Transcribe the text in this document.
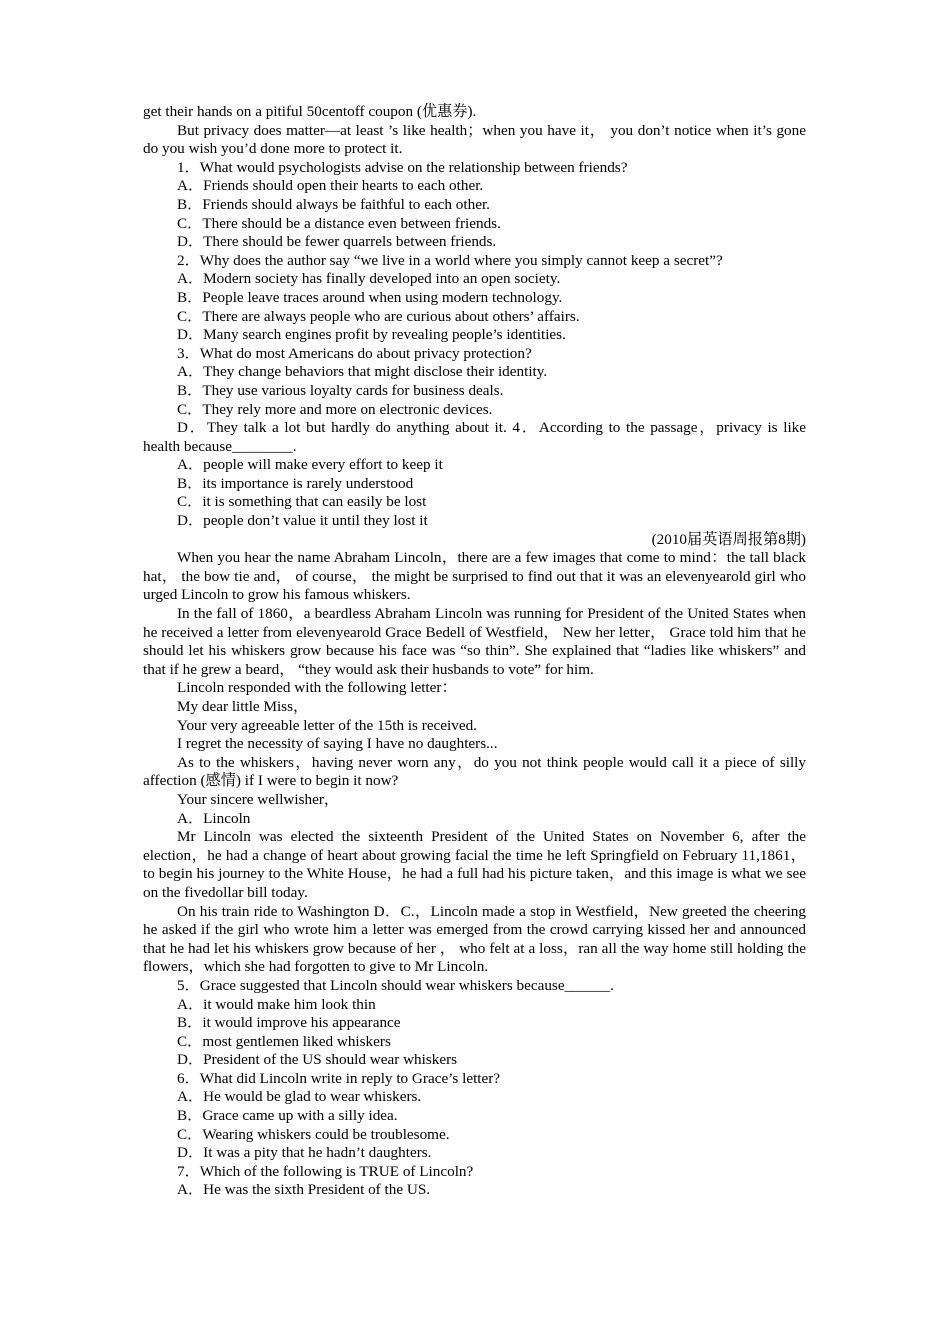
get their hands on a pitiful 50centoff coupon (优惠券).

But privacy does matter—at least ’s like health；when you have it， you don’t notice when it’s gone do you wish you’d done more to protect it.

1．What would psychologists advise on the relationship between friends?

A．Friends should open their hearts to each other.

B．Friends should always be faithful to each other.

C．There should be a distance even between friends.

D．There should be fewer quarrels between friends.

2．Why does the author say “we live in a world where you simply cannot keep a secret”?

A．Modern society has finally developed into an open society.

B．People leave traces around when using modern technology.

C．There are always people who are curious about others’ affairs.

D．Many search engines profit by revealing people’s identities.

3．What do most Americans do about privacy protection?

A．They change behaviors that might disclose their identity.

B．They use various loyalty cards for business deals.

C．They rely more and more on electronic devices.

D．They talk a lot but hardly do anything about it. 4．According to the passage，privacy is like health because________.

A．people will make every effort to keep it

B．its importance is rarely understood

C．it is something that can easily be lost

D．people don’t value it until they lost it

(2010届英语周报第8期)

When you hear the name Abraham Lincoln，there are a few images that come to mind：the tall black hat， the bow tie and， of course， the might be surprised to find out that it was an elevenyearold girl who urged Lincoln to grow his famous whiskers.

In the fall of 1860，a beardless Abraham Lincoln was running for President of the United States when he received a letter from elevenyearold Grace Bedell of Westfield， New her letter， Grace told him that he should let his whiskers grow because his face was “so thin”. She explained that “ladies like whiskers” and that if he grew a beard， “they would ask their husbands to vote” for him.

Lincoln responded with the following letter：

My dear little Miss，

Your very agreeable letter of the 15th is received.

I regret the necessity of saying I have no daughters...

As to the whiskers，having never worn any，do you not think people would call it a piece of silly affection (感情) if I were to begin it now?

Your sincere wellwisher，

A．Lincoln

Mr Lincoln was elected the sixteenth President of the United States on November 6, after the election，he had a change of heart about growing facial the time he left Springfield on February 11,1861，to begin his journey to the White House，he had a full had his picture taken，and this image is what we see on the fivedollar bill today.

On his train ride to Washington D．C.，Lincoln made a stop in Westfield，New greeted the cheering he asked if the girl who wrote him a letter was emerged from the crowd carrying kissed her and announced that he had let his whiskers grow because of her ， who felt at a loss，ran all the way home still holding the flowers，which she had forgotten to give to Mr Lincoln.

5．Grace suggested that Lincoln should wear whiskers because______.

A．it would make him look thin

B．it would improve his appearance

C．most gentlemen liked whiskers

D．President of the US should wear whiskers

6．What did Lincoln write in reply to Grace’s letter?

A．He would be glad to wear whiskers.

B．Grace came up with a silly idea.

C．Wearing whiskers could be troublesome.

D．It was a pity that he hadn’t daughters.

7．Which of the following is TRUE of Lincoln?

A．He was the sixth President of the US.
